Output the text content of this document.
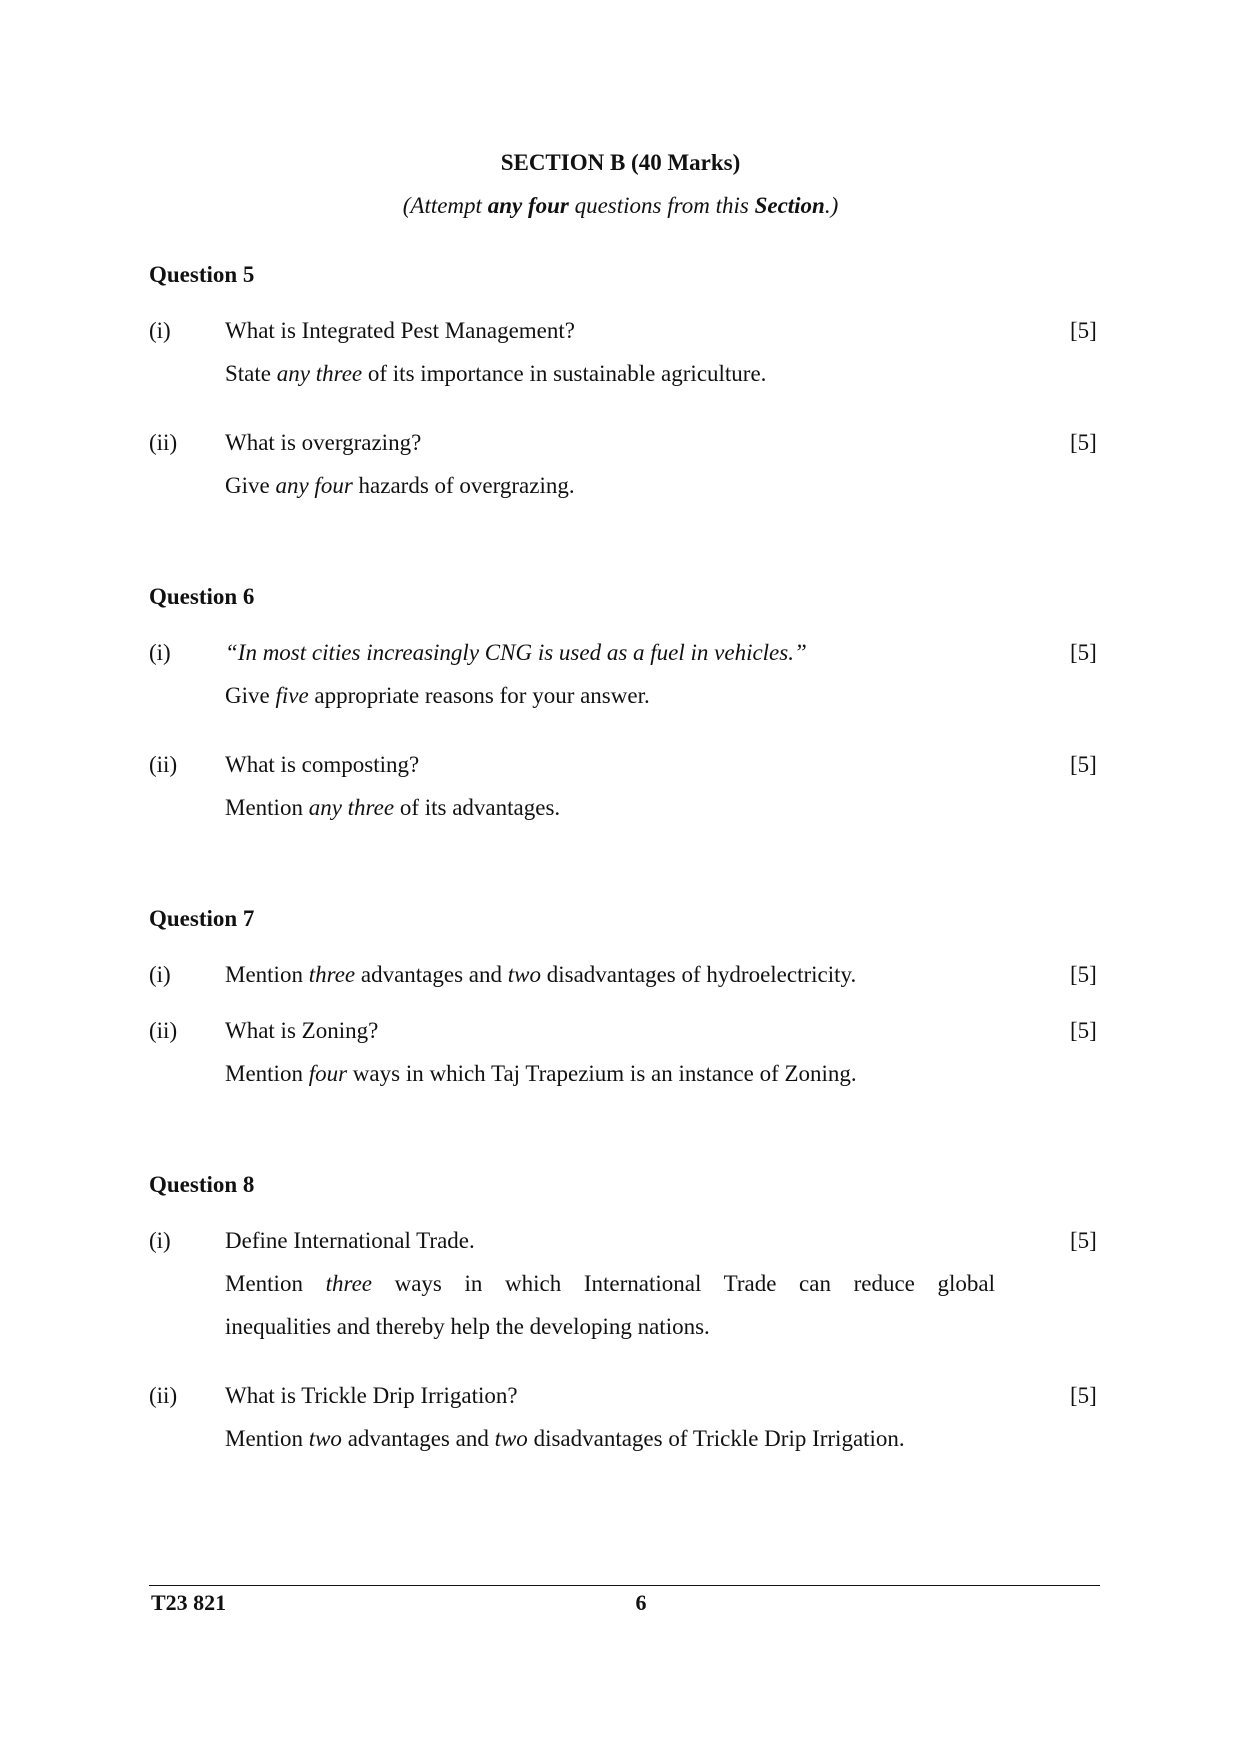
SECTION B (40 Marks)
(Attempt any four questions from this Section.)
Question 5
(i) What is Integrated Pest Management?	[5]
State any three of its importance in sustainable agriculture.
(ii) What is overgrazing?	[5]
Give any four hazards of overgrazing.
Question 6
(i) “In most cities increasingly CNG is used as a fuel in vehicles.”	[5]
Give five appropriate reasons for your answer.
(ii) What is composting?	[5]
Mention any three of its advantages.
Question 7
(i) Mention three advantages and two disadvantages of hydroelectricity.	[5]
(ii) What is Zoning?	[5]
Mention four ways in which Taj Trapezium is an instance of Zoning.
Question 8
(i) Define International Trade.	[5]
Mention three ways in which International Trade can reduce global
inequalities and thereby help the developing nations.
(ii) What is Trickle Drip Irrigation?	[5]
Mention two advantages and two disadvantages of Trickle Drip Irrigation.
T23 821	6
